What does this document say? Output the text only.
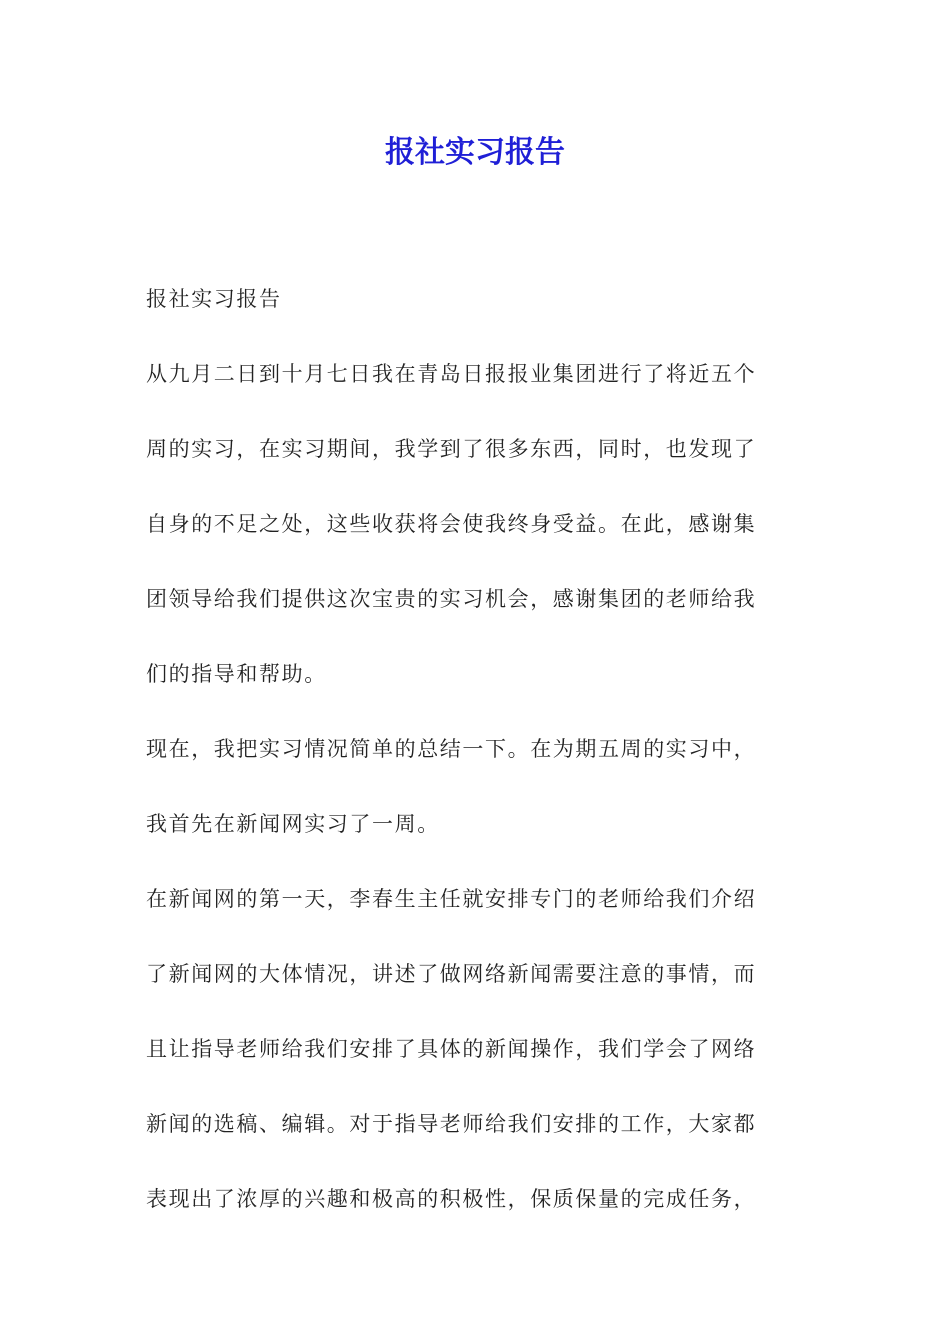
报社实习报告

报社实习报告

从九月二日到十月七日我在青岛日报报业集团进行了将近五个
周的实习，在实习期间，我学到了很多东西，同时，也发现了
自身的不足之处，这些收获将会使我终身受益。在此，感谢集
团领导给我们提供这次宝贵的实习机会，感谢集团的老师给我
们的指导和帮助。

现在，我把实习情况简单的总结一下。在为期五周的实习中，
我首先在新闻网实习了一周。

在新闻网的第一天，李春生主任就安排专门的老师给我们介绍
了新闻网的大体情况，讲述了做网络新闻需要注意的事情，而
且让指导老师给我们安排了具体的新闻操作，我们学会了网络
新闻的选稿、编辑。对于指导老师给我们安排的工作，大家都
表现出了浓厚的兴趣和极高的积极性，保质保量的完成任务，
